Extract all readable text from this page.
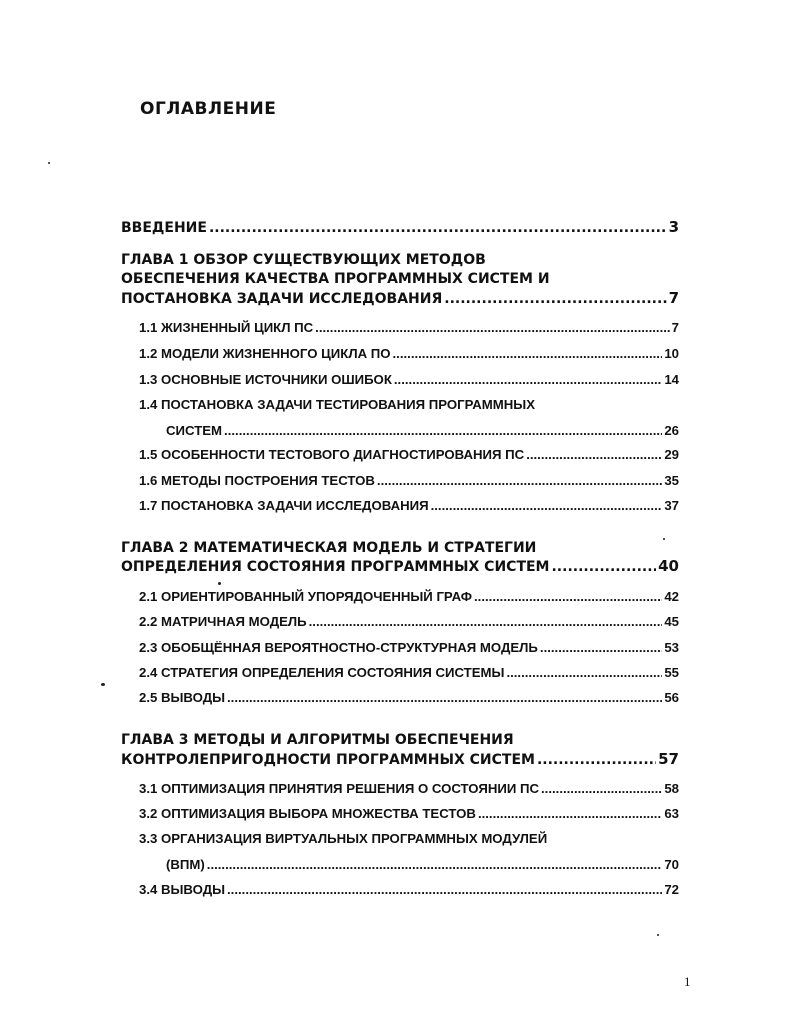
ОГЛАВЛЕНИЕ
ВВЕДЕНИЕ .....	3
ГЛАВА 1 ОБЗОР СУЩЕСТВУЮЩИХ МЕТОДОВ
ОБЕСПЕЧЕНИЯ КАЧЕСТВА ПРОГРАММНЫХ СИСТЕМ И
ПОСТАНОВКА ЗАДАЧИ ИССЛЕДОВАНИЯ .....	7
1.1 ЖИЗНЕННЫЙ ЦИКЛ ПС .....	7
1.2 МОДЕЛИ ЖИЗНЕННОГО ЦИКЛА ПО .....	10
1.3 ОСНОВНЫЕ ИСТОЧНИКИ ОШИБОК .....	14
1.4 ПОСТАНОВКА ЗАДАЧИ ТЕСТИРОВАНИЯ ПРОГРАММНЫХ
СИСТЕМ .....	26
1.5 ОСОБЕННОСТИ ТЕСТОВОГО ДИАГНОСТИРОВАНИЯ ПС .....	29
1.6 МЕТОДЫ ПОСТРОЕНИЯ ТЕСТОВ .....	35
1.7 ПОСТАНОВКА ЗАДАЧИ ИССЛЕДОВАНИЯ .....	37
ГЛАВА 2 МАТЕМАТИЧЕСКАЯ МОДЕЛЬ И СТРАТЕГИИ
ОПРЕДЕЛЕНИЯ СОСТОЯНИЯ ПРОГРАММНЫХ СИСТЕМ .....	40
2.1 ОРИЕНТИРОВАННЫЙ УПОРЯДОЧЕННЫЙ ГРАФ .....	42
2.2 МАТРИЧНАЯ МОДЕЛЬ .....	45
2.3 ОБОБЩЁННАЯ ВЕРОЯТНОСТНО-СТРУКТУРНАЯ МОДЕЛЬ .....	53
2.4 СТРАТЕГИЯ ОПРЕДЕЛЕНИЯ СОСТОЯНИЯ СИСТЕМЫ .....	55
2.5 ВЫВОДЫ .....	56
ГЛАВА 3 МЕТОДЫ И АЛГОРИТМЫ ОБЕСПЕЧЕНИЯ
КОНТРОЛЕПРИГОДНОСТИ ПРОГРАММНЫХ СИСТЕМ .....	57
3.1 ОПТИМИЗАЦИЯ ПРИНЯТИЯ РЕШЕНИЯ О СОСТОЯНИИ ПС .....	58
3.2 ОПТИМИЗАЦИЯ ВЫБОРА МНОЖЕСТВА ТЕСТОВ .....	63
3.3 ОРГАНИЗАЦИЯ ВИРТУАЛЬНЫХ ПРОГРАММНЫХ МОДУЛЕЙ
(ВПМ) .....	70
3.4 ВЫВОДЫ .....	72
1
